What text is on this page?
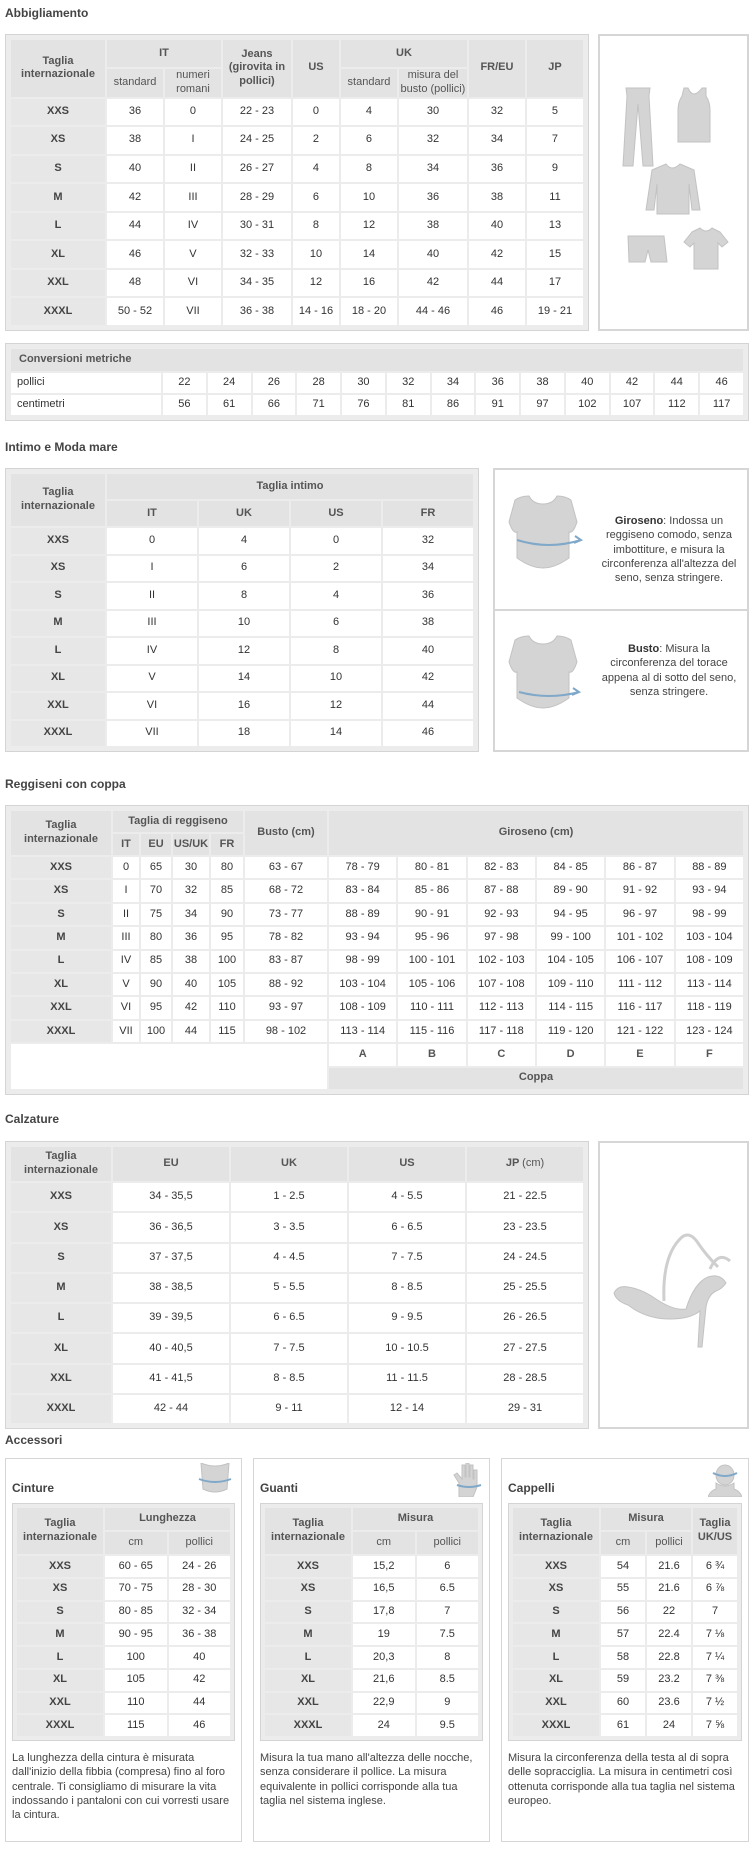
Abbigliamento
Taglia internazionale	IT		Jeans (girovita in pollici)	US	UK		FR/EU	JP
	standard	numeri romani			standard	misura del busto (pollici)		
XXS	36	0	22 - 23	0	4	30	32	5
XS	38	I	24 - 25	2	6	32	34	7
S	40	II	26 - 27	4	8	34	36	9
M	42	III	28 - 29	6	10	36	38	11
L	44	IV	30 - 31	8	12	38	40	13
XL	46	V	32 - 33	10	14	40	42	15
XXL	48	VI	34 - 35	12	16	42	44	17
XXXL	50 - 52	VII	36 - 38	14 - 16	18 - 20	44 - 46	46	19 - 21
Conversioni metriche													
pollici	22	24	26	28	30	32	34	36	38	40	42	44	46
centimetri	56	61	66	71	76	81	86	91	97	102	107	112	117
Intimo e Moda mare
Taglia internazionale	Taglia intimo			
	IT	UK	US	FR
XXS	0	4	0	32
XS	I	6	2	34
S	II	8	4	36
M	III	10	6	38
L	IV	12	8	40
XL	V	14	10	42
XXL	VI	16	12	44
XXXL	VII	18	14	46
Giroseno: Indossa un reggiseno comodo, senza imbottiture, e misura la circonferenza all'altezza del seno, senza stringere.
Busto: Misura la circonferenza del torace appena al di sotto del seno, senza stringere.
Reggiseni con coppa
Taglia internazionale	Taglia di reggiseno				Busto (cm)	Giroseno (cm)					
	IT	EU	US/UK	FR							
XXS	0	65	30	80	63 - 67	78 - 79	80 - 81	82 - 83	84 - 85	86 - 87	88 - 89
XS	I	70	32	85	68 - 72	83 - 84	85 - 86	87 - 88	89 - 90	91 - 92	93 - 94
S	II	75	34	90	73 - 77	88 - 89	90 - 91	92 - 93	94 - 95	96 - 97	98 - 99
M	III	80	36	95	78 - 82	93 - 94	95 - 96	97 - 98	99 - 100	101 - 102	103 - 104
L	IV	85	38	100	83 - 87	98 - 99	100 - 101	102 - 103	104 - 105	106 - 107	108 - 109
XL	V	90	40	105	88 - 92	103 - 104	105 - 106	107 - 108	109 - 110	111 - 112	113 - 114
XXL	VI	95	42	110	93 - 97	108 - 109	110 - 111	112 - 113	114 - 115	116 - 117	118 - 119
XXXL	VII	100	44	115	98 - 102	113 - 114	115 - 116	117 - 118	119 - 120	121 - 122	123 - 124
						A	B	C	D	E	F
						Coppa					
Calzature
Taglia internazionale	EU	UK	US	JP (cm)
XXS	34 - 35,5	1 - 2.5	4 - 5.5	21 - 22.5
XS	36 - 36,5	3 - 3.5	6 - 6.5	23 - 23.5
S	37 - 37,5	4 - 4.5	7 - 7.5	24 - 24.5
M	38 - 38,5	5 - 5.5	8 - 8.5	25 - 25.5
L	39 - 39,5	6 - 6.5	9 - 9.5	26 - 26.5
XL	40 - 40,5	7 - 7.5	10 - 10.5	27 - 27.5
XXL	41 - 41,5	8 - 8.5	11 - 11.5	28 - 28.5
XXXL	42 - 44	9 - 11	12 - 14	29 - 31
Accessori
Cinture
Taglia internazionale	Lunghezza	
	cm	pollici
XXS	60 - 65	24 - 26
XS	70 - 75	28 - 30
S	80 - 85	32 - 34
M	90 - 95	36 - 38
L	100	40
XL	105	42
XXL	110	44
XXXL	115	46
La lunghezza della cintura è misurata dall'inizio della fibbia (compresa) fino al foro centrale. Ti consigliamo di misurare la vita indossando i pantaloni con cui vorresti usare la cintura.
Guanti
Taglia internazionale	Misura	
	cm	pollici
XXS	15,2	6
XS	16,5	6.5
S	17,8	7
M	19	7.5
L	20,3	8
XL	21,6	8.5
XXL	22,9	9
XXXL	24	9.5
Misura la tua mano all'altezza delle nocche, senza considerare il pollice. La misura equivalente in pollici corrisponde alla tua taglia nel sistema inglese.
Cappelli
Taglia internazionale	Misura		Taglia UK/US
	cm	pollici	
XXS	54	21.6	6 ¾
XS	55	21.6	6 ⅞
S	56	22	7
M	57	22.4	7 ⅛
L	58	22.8	7 ¼
XL	59	23.2	7 ⅜
XXL	60	23.6	7 ½
XXXL	61	24	7 ⅝
Misura la circonferenza della testa al di sopra delle sopracciglia. La misura in centimetri così ottenuta corrisponde alla tua taglia nel sistema europeo.
